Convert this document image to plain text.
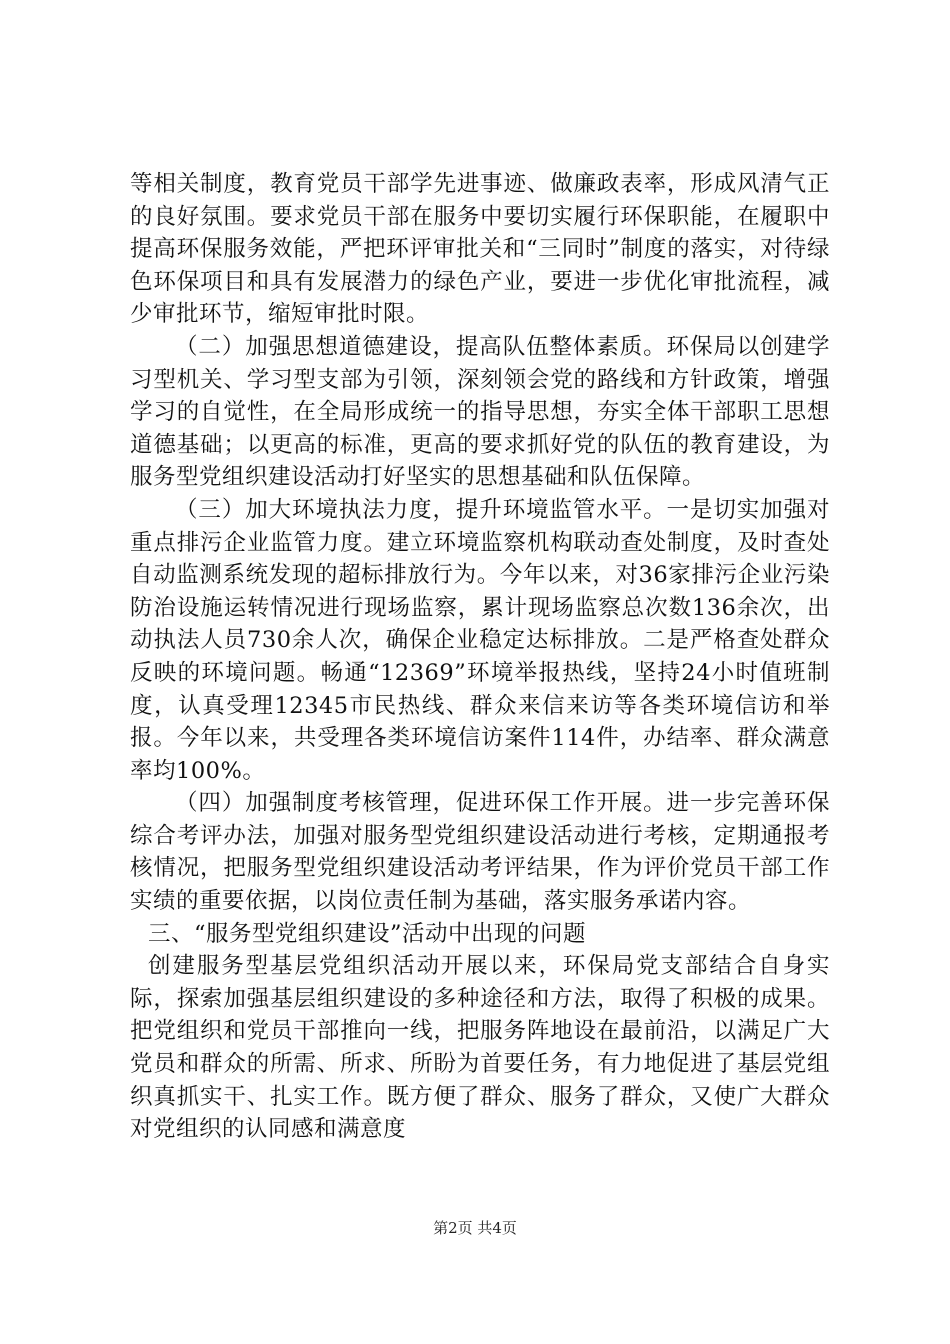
等相关制度，教育党员干部学先进事迹、做廉政表率，形成风清气正的良好氛围。要求党员干部在服务中要切实履行环保职能，在履职中提高环保服务效能，严把环评审批关和“三同时”制度的落实，对待绿色环保项目和具有发展潜力的绿色产业，要进一步优化审批流程，减少审批环节，缩短审批时限。

（二）加强思想道德建设，提高队伍整体素质。环保局以创建学习型机关、学习型支部为引领，深刻领会党的路线和方针政策，增强学习的自觉性，在全局形成统一的指导思想，夯实全体干部职工思想道德基础；以更高的标准，更高的要求抓好党的队伍的教育建设，为服务型党组织建设活动打好坚实的思想基础和队伍保障。

（三）加大环境执法力度，提升环境监管水平。一是切实加强对重点排污企业监管力度。建立环境监察机构联动查处制度，及时查处自动监测系统发现的超标排放行为。今年以来，对36家排污企业污染防治设施运转情况进行现场监察，累计现场监察总次数136余次，出动执法人员730余人次，确保企业稳定达标排放。二是严格查处群众反映的环境问题。畅通“12369”环境举报热线，坚持24小时值班制度，认真受理12345市民热线、群众来信来访等各类环境信访和举报。今年以来，共受理各类环境信访案件114件，办结率、群众满意率均100%。

（四）加强制度考核管理，促进环保工作开展。进一步完善环保综合考评办法，加强对服务型党组织建设活动进行考核，定期通报考核情况，把服务型党组织建设活动考评结果，作为评价党员干部工作实绩的重要依据，以岗位责任制为基础，落实服务承诺内容。

三、“服务型党组织建设”活动中出现的问题

创建服务型基层党组织活动开展以来，环保局党支部结合自身实际，探索加强基层组织建设的多种途径和方法，取得了积极的成果。把党组织和党员干部推向一线，把服务阵地设在最前沿，以满足广大党员和群众的所需、所求、所盼为首要任务，有力地促进了基层党组织真抓实干、扎实工作。既方便了群众、服务了群众，又使广大群众对党组织的认同感和满意度

第2页 共4页
